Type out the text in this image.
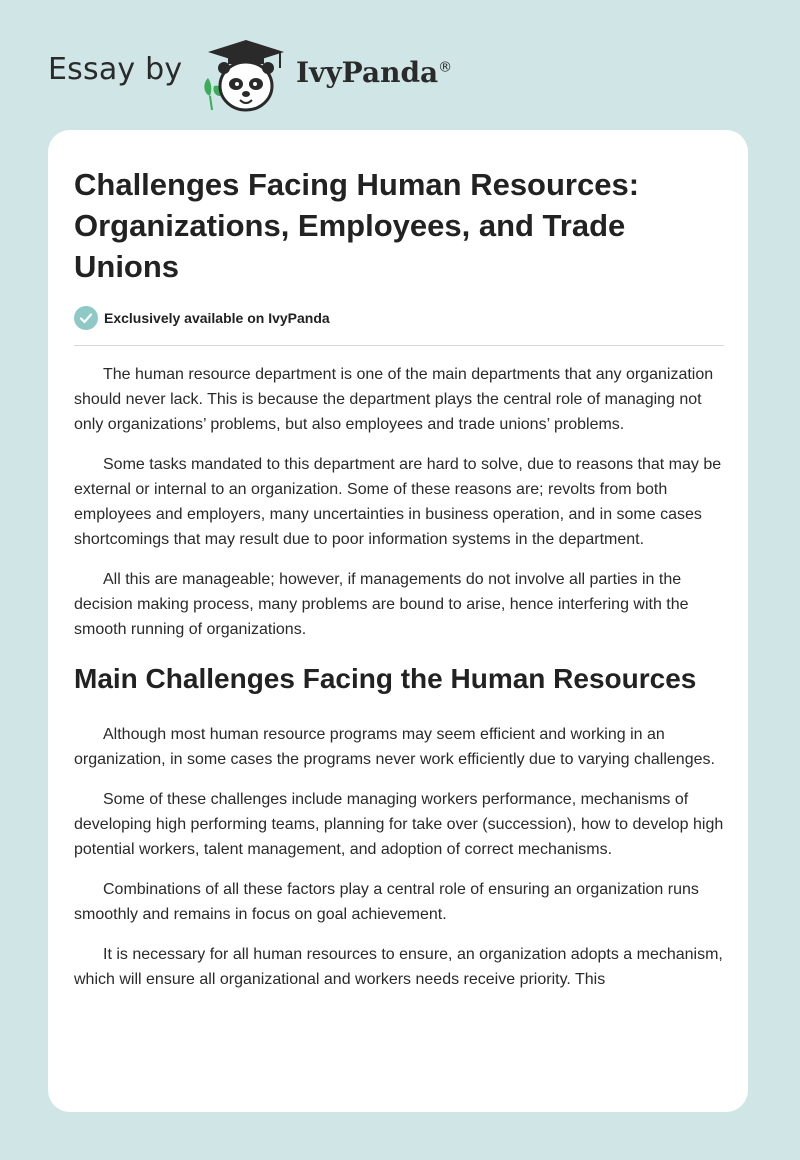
Essay by	IvyPanda®
Challenges Facing Human Resources: Organizations, Employees, and Trade Unions
Exclusively available on IvyPanda

The human resource department is one of the main departments that any organization should never lack. This is because the department plays the central role of managing not only organizations’ problems, but also employees and trade unions’ problems.

Some tasks mandated to this department are hard to solve, due to reasons that may be external or internal to an organization. Some of these reasons are; revolts from both employees and employers, many uncertainties in business operation, and in some cases shortcomings that may result due to poor information systems in the department.

All this are manageable; however, if managements do not involve all parties in the decision making process, many problems are bound to arise, hence interfering with the smooth running of organizations.

Main Challenges Facing the Human Resources

Although most human resource programs may seem efficient and working in an organization, in some cases the programs never work efficiently due to varying challenges.

Some of these challenges include managing workers performance, mechanisms of developing high performing teams, planning for take over (succession), how to develop high potential workers, talent management, and adoption of correct mechanisms.

Combinations of all these factors play a central role of ensuring an organization runs smoothly and remains in focus on goal achievement.

It is necessary for all human resources to ensure, an organization adopts a mechanism, which will ensure all organizational and workers needs receive priority. This
